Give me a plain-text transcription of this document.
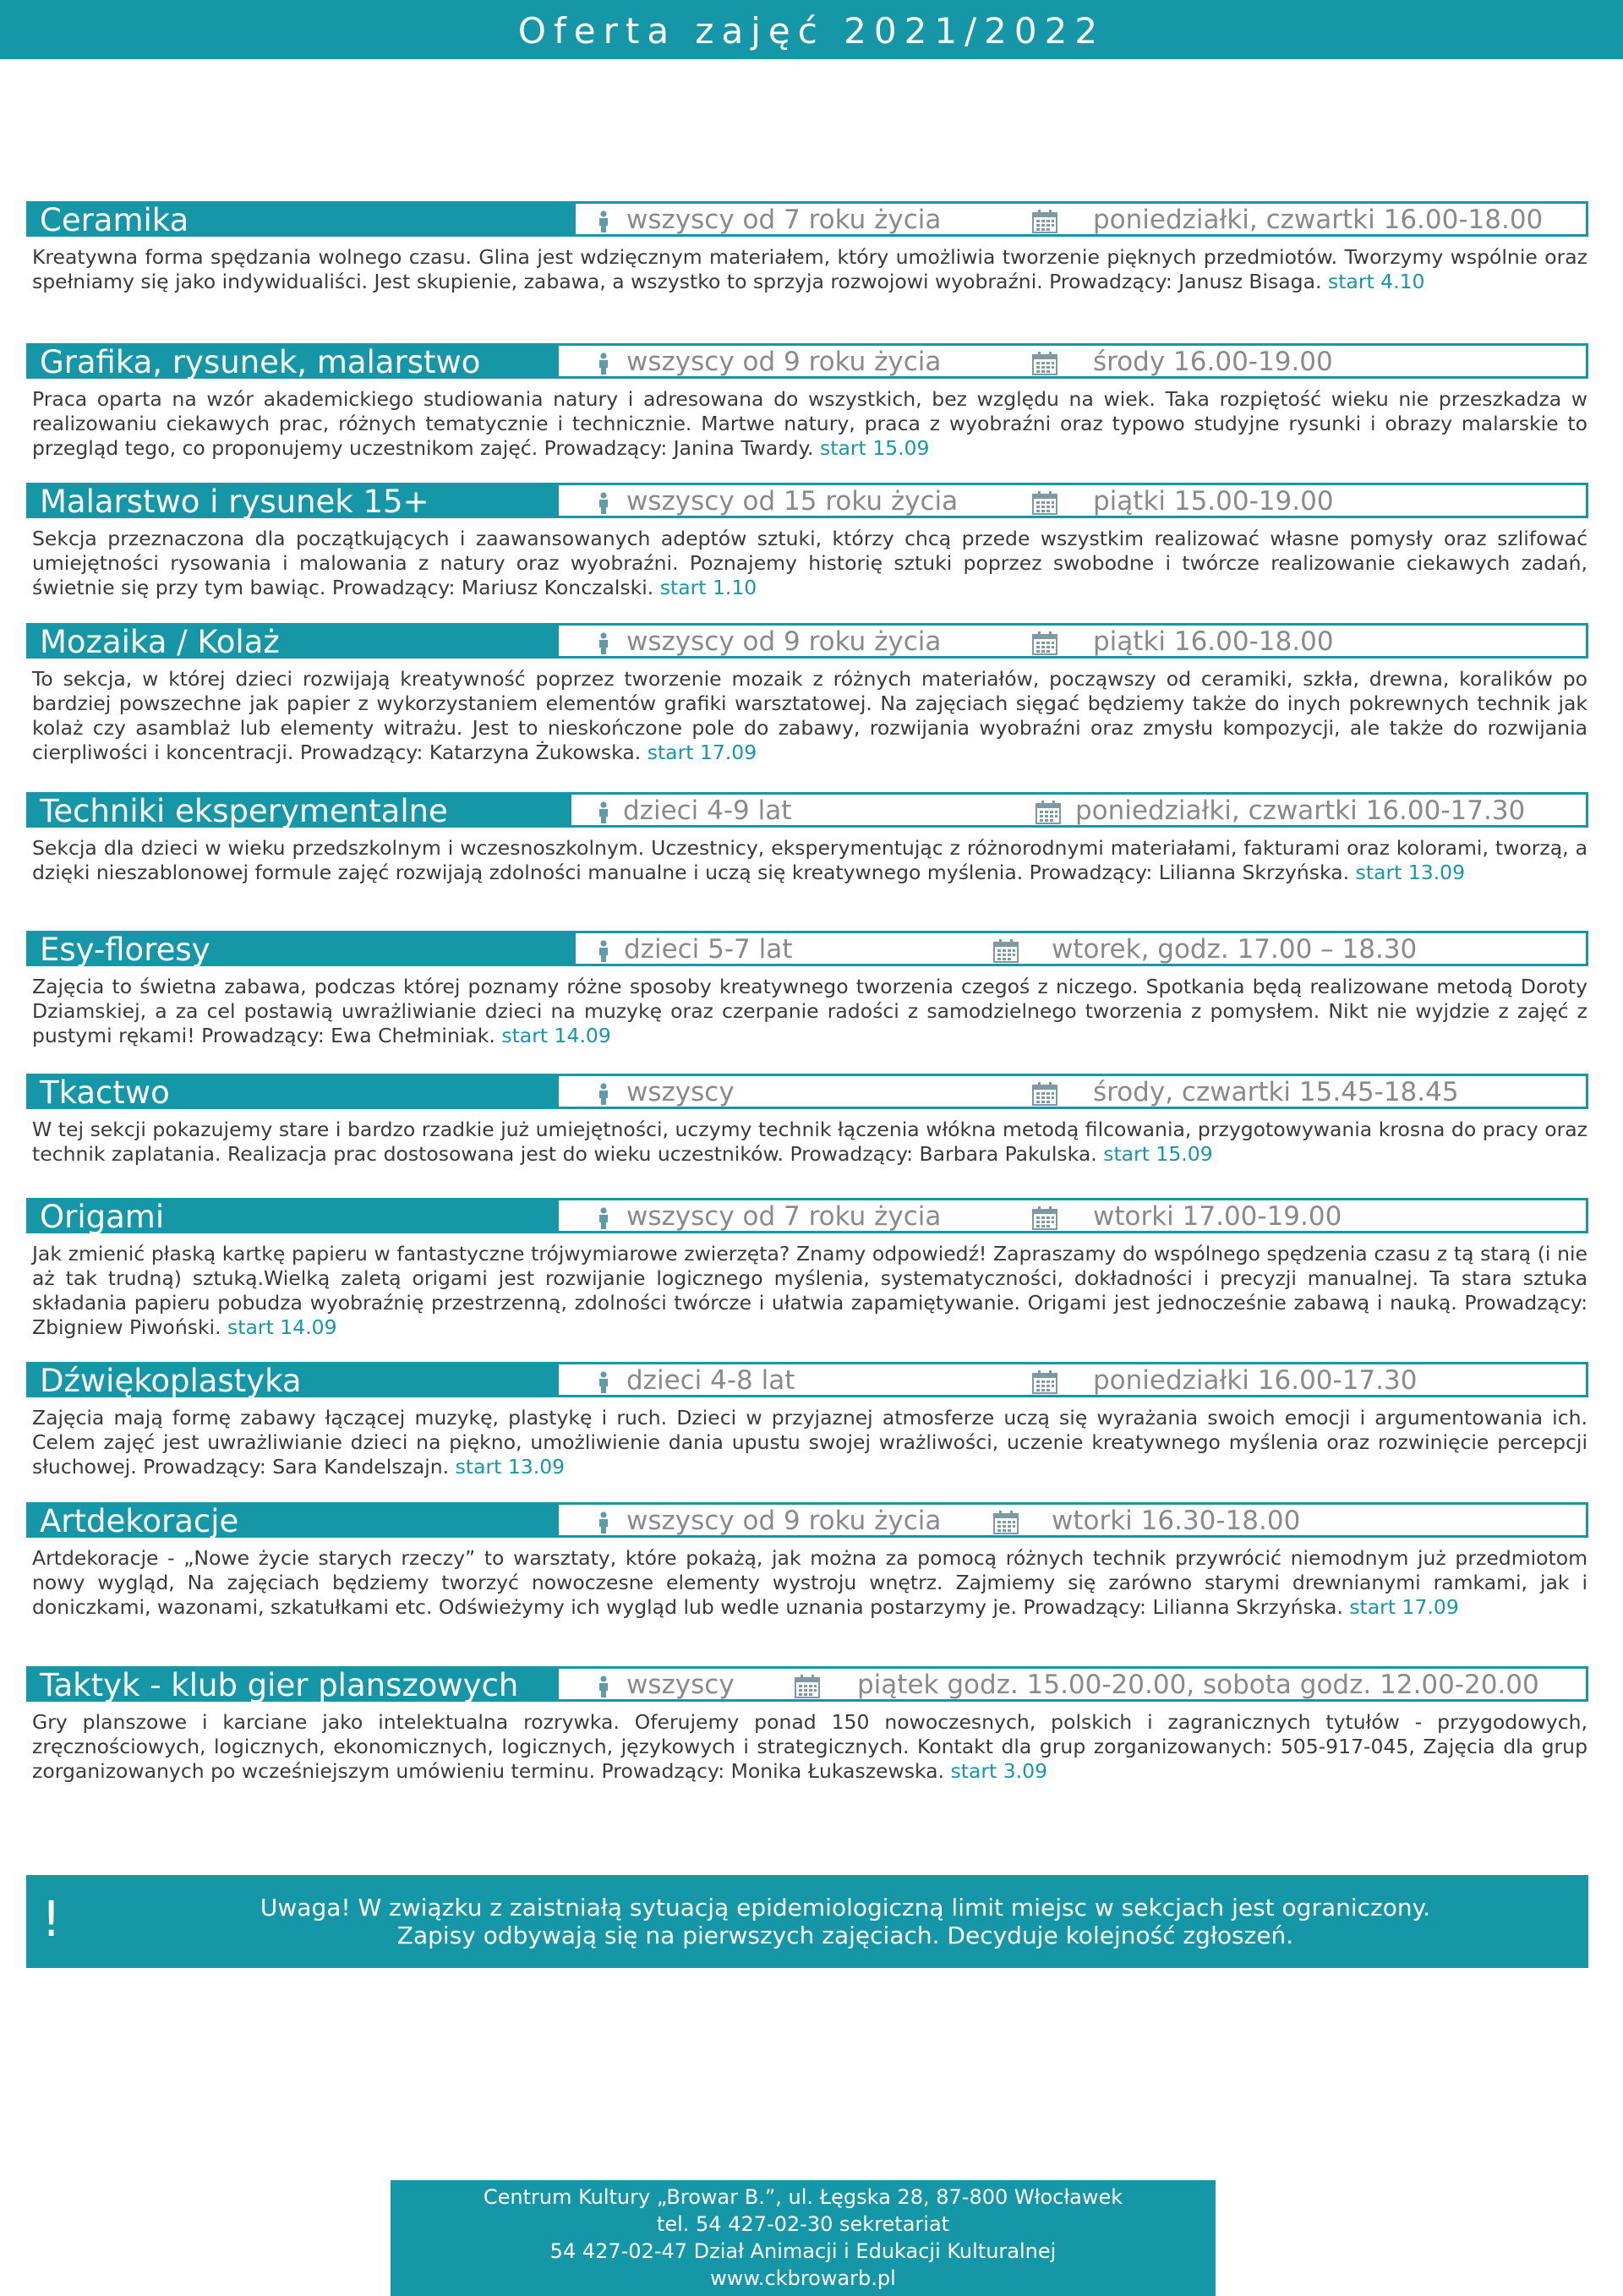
Oferta zajęć 2021/2022
Ceramika	wszyscy od 7 roku życia	poniedziałki, czwartki 16.00-18.00
Kreatywna forma spędzania wolnego czasu. Glina jest wdzięcznym materiałem, który umożliwia tworzenie pięknych przedmiotów. Tworzymy wspólnie oraz spełniamy się jako indywidualiści. Jest skupienie, zabawa, a wszystko to sprzyja rozwojowi wyobraźni. Prowadzący: Janusz Bisaga. start 4.10
Grafika, rysunek, malarstwo	wszyscy od 9 roku życia	środy 16.00-19.00
Praca oparta na wzór akademickiego studiowania natury i adresowana do wszystkich, bez względu na wiek. Taka rozpiętość wieku nie przeszkadza w realizowaniu ciekawych prac, różnych tematycznie i technicznie. Martwe natury, praca z wyobraźni oraz typowo studyjne rysunki i obrazy malarskie to przegląd tego, co proponujemy uczestnikom zajęć. Prowadzący: Janina Twardy. start 15.09
Malarstwo i rysunek 15+	wszyscy od 15 roku życia	piątki 15.00-19.00
Sekcja przeznaczona dla początkujących i zaawansowanych adeptów sztuki, którzy chcą przede wszystkim realizować własne pomysły oraz szlifować umiejętności rysowania i malowania z natury oraz wyobraźni. Poznajemy historię sztuki poprzez swobodne i twórcze realizowanie ciekawych zadań, świetnie się przy tym bawiąc. Prowadzący: Mariusz Konczalski. start 1.10
Mozaika / Kolaż	wszyscy od 9 roku życia	piątki 16.00-18.00
To sekcja, w której dzieci rozwijają kreatywność poprzez tworzenie mozaik z różnych materiałów, począwszy od ceramiki, szkła, drewna, koralików po bardziej powszechne jak papier z wykorzystaniem elementów grafiki warsztatowej. Na zajęciach sięgać będziemy także do inych pokrewnych technik jak kolaż czy asamblaż lub elementy witrażu. Jest to nieskończone pole do zabawy, rozwijania wyobraźni oraz zmysłu kompozycji, ale także do rozwijania cierpliwości i koncentracji. Prowadzący: Katarzyna Żukowska. start 17.09
Techniki eksperymentalne	dzieci 4-9 lat	poniedziałki, czwartki 16.00-17.30
Sekcja dla dzieci w wieku przedszkolnym i wczesnoszkolnym. Uczestnicy, eksperymentując z różnorodnymi materiałami, fakturami oraz kolorami, tworzą, a dzięki nieszablonowej formule zajęć rozwijają zdolności manualne i uczą się kreatywnego myślenia. Prowadzący: Lilianna Skrzyńska. start 13.09
Esy-floresy	dzieci 5-7 lat	wtorek, godz. 17.00 – 18.30
Zajęcia to świetna zabawa, podczas której poznamy różne sposoby kreatywnego tworzenia czegoś z niczego. Spotkania będą realizowane metodą Doroty Dziamskiej, a za cel postawią uwrażliwianie dzieci na muzykę oraz czerpanie radości z samodzielnego tworzenia z pomysłem. Nikt nie wyjdzie z zajęć z pustymi rękami! Prowadzący: Ewa Chełminiak. start 14.09
Tkactwo	wszyscy	środy, czwartki 15.45-18.45
W tej sekcji pokazujemy stare i bardzo rzadkie już umiejętności, uczymy technik łączenia włókna metodą filcowania, przygotowywania krosna do pracy oraz technik zaplatania. Realizacja prac dostosowana jest do wieku uczestników. Prowadzący: Barbara Pakulska. start 15.09
Origami	wszyscy od 7 roku życia	wtorki 17.00-19.00
Jak zmienić płaską kartkę papieru w fantastyczne trójwymiarowe zwierzęta? Znamy odpowiedź! Zapraszamy do wspólnego spędzenia czasu z tą starą (i nie aż tak trudną) sztuką.Wielką zaletą origami jest rozwijanie logicznego myślenia, systematyczności, dokładności i precyzji manualnej. Ta stara sztuka składania papieru pobudza wyobraźnię przestrzenną, zdolności twórcze i ułatwia zapamiętywanie. Origami jest jednocześnie zabawą i nauką. Prowadzący: Zbigniew Piwoński. start 14.09
Dźwiękoplastyka	dzieci 4-8 lat	poniedziałki 16.00-17.30
Zajęcia mają formę zabawy łączącej muzykę, plastykę i ruch. Dzieci w przyjaznej atmosferze uczą się wyrażania swoich emocji i argumentowania ich. Celem zajęć jest uwrażliwianie dzieci na piękno, umożliwienie dania upustu swojej wrażliwości, uczenie kreatywnego myślenia oraz rozwinięcie percepcji słuchowej. Prowadzący: Sara Kandelszajn. start 13.09
Artdekoracje	wszyscy od 9 roku życia	wtorki 16.30-18.00
Artdekoracje - „Nowe życie starych rzeczy” to warsztaty, które pokażą, jak można za pomocą różnych technik przywrócić niemodnym już przedmiotom nowy wygląd, Na zajęciach będziemy tworzyć nowoczesne elementy wystroju wnętrz. Zajmiemy się zarówno starymi drewnianymi ramkami, jak i doniczkami, wazonami, szkatułkami etc. Odświeżymy ich wygląd lub wedle uznania postarzymy je. Prowadzący: Lilianna Skrzyńska. start 17.09
Taktyk - klub gier planszowych	wszyscy	piątek godz. 15.00-20.00, sobota godz. 12.00-20.00
Gry planszowe i karciane jako intelektualna rozrywka. Oferujemy ponad 150 nowoczesnych, polskich i zagranicznych tytułów - przygodowych, zręcznościowych, logicznych, ekonomicznych, logicznych, językowych i strategicznych. Kontakt dla grup zorganizowanych: 505-917-045, Zajęcia dla grup zorganizowanych po wcześniejszym umówieniu terminu. Prowadzący: Monika Łukaszewska. start 3.09
!	Uwaga! W związku z zaistniałą sytuacją epidemiologiczną limit miejsc w sekcjach jest ograniczony.
Zapisy odbywają się na pierwszych zajęciach. Decyduje kolejność zgłoszeń.
Centrum Kultury „Browar B.”, ul. Łęgska 28, 87-800 Włocławek
tel. 54 427-02-30 sekretariat
54 427-02-47 Dział Animacji i Edukacji Kulturalnej
www.ckbrowarb.pl
